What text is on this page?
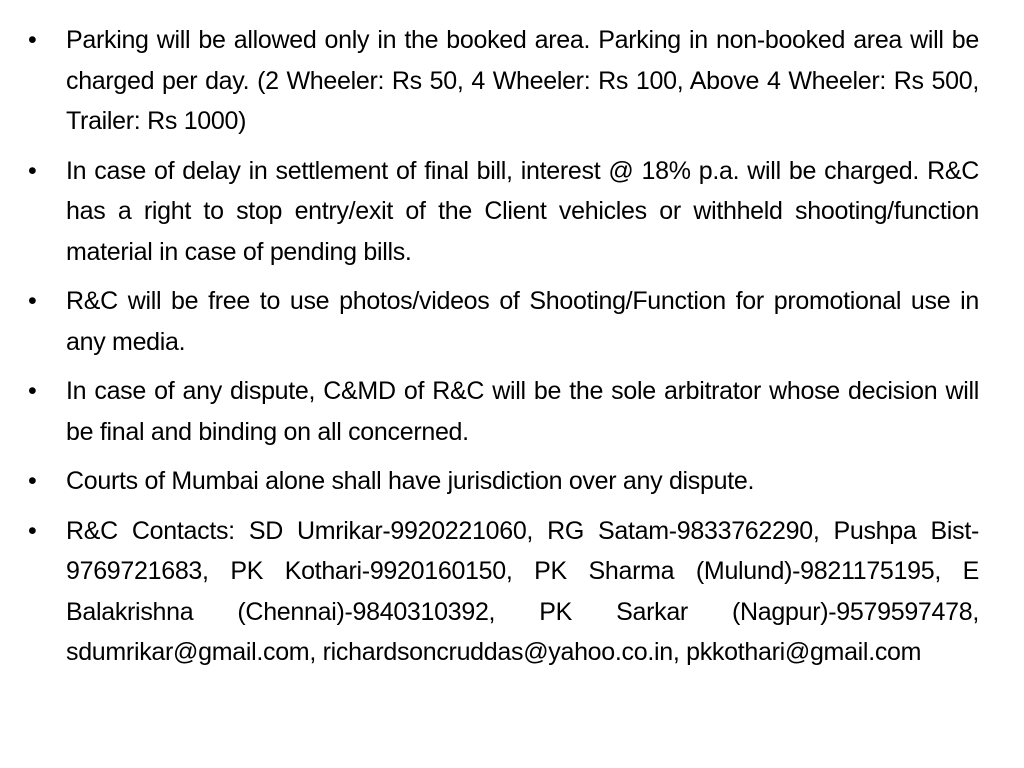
•	Parking will be allowed only in the booked area. Parking in non-booked area will be charged per day. (2 Wheeler: Rs 50, 4 Wheeler: Rs 100, Above 4 Wheeler: Rs 500, Trailer: Rs 1000)
•	In case of delay in settlement of final bill, interest @ 18% p.a. will be charged. R&C has a right to stop entry/exit of the Client vehicles or withheld shooting/function material in case of pending bills.
•	R&C will be free to use photos/videos of Shooting/Function for promotional use in any media.
•	In case of any dispute, C&MD of R&C will be the sole arbitrator whose decision will be final and binding on all concerned.
•	Courts of Mumbai alone shall have jurisdiction over any dispute.
•	R&C Contacts: SD Umrikar-9920221060, RG Satam-9833762290, Pushpa Bist-9769721683, PK Kothari-9920160150, PK Sharma (Mulund)-9821175195, E Balakrishna (Chennai)-9840310392, PK Sarkar (Nagpur)-9579597478, sdumrikar@gmail.com, richardsoncruddas@yahoo.co.in, pkkothari@gmail.com
